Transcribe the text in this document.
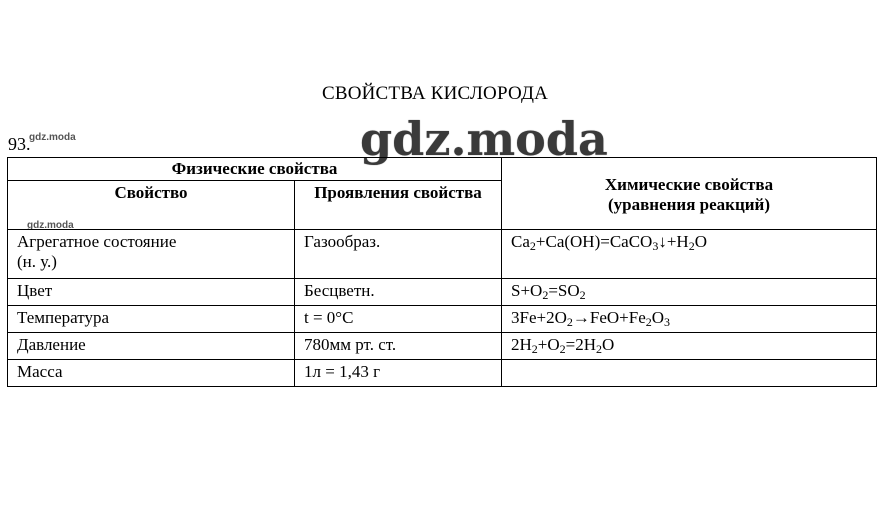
СВОЙСТВА КИСЛОРОДА
93.
gdz.moda
gdz.moda
gdz.moda
Физические свойства		Химические свойства
(уравнения реакций)

Свойство	Проявления свойства	

Агрегатное состояние
(н. у.)	Газообраз.	$Ca_2+Ca(OH)=CaCO_3↓+H_2O$
Цвет	Бесцветн.	$S+O_2=SO_2$
Температура	t = 0°С	$3Fe+2O_2\to FeO+Fe_2O_3$
Давление	780мм рт. ст.	$2H_2+O_2=2H_2O$
Масса	1л = 1,43 г	
